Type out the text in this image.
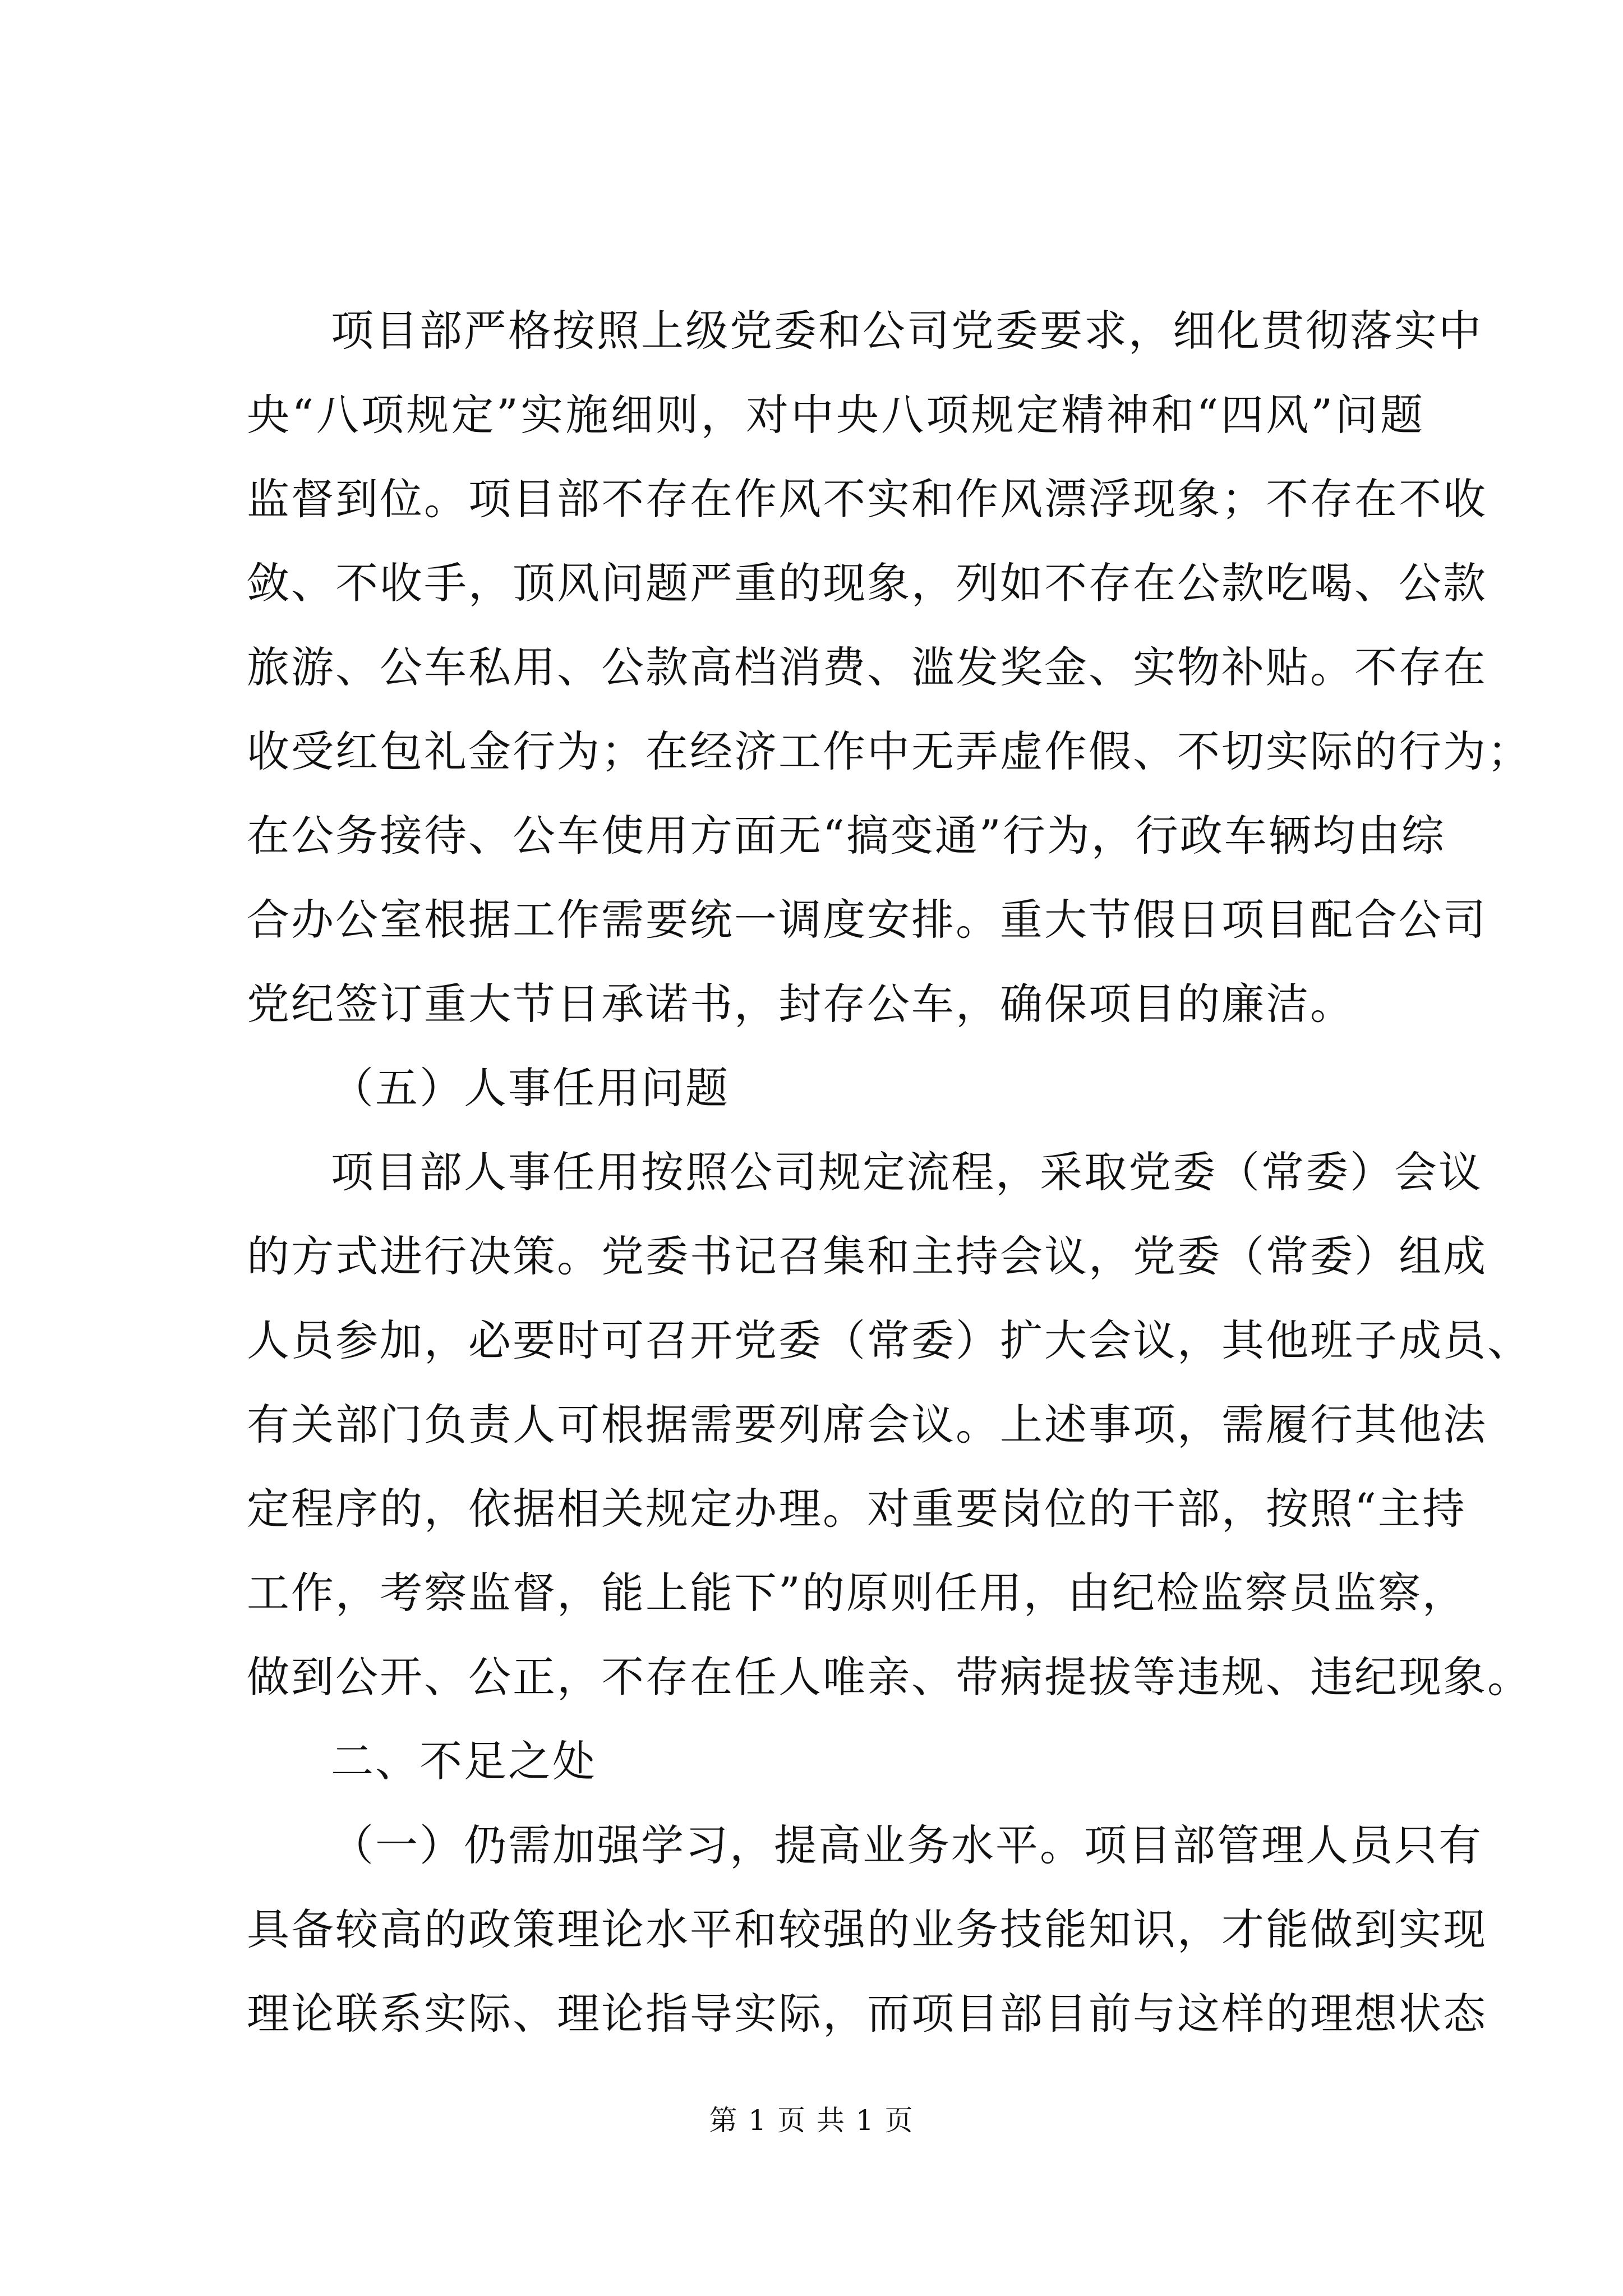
项目部严格按照上级党委和公司党委要求，细化贯彻落实中
央“八项规定”实施细则，对中央八项规定精神和“四风”问题
监督到位。项目部不存在作风不实和作风漂浮现象；不存在不收
敛、不收手，顶风问题严重的现象，列如不存在公款吃喝、公款
旅游、公车私用、公款高档消费、滥发奖金、实物补贴。不存在
收受红包礼金行为；在经济工作中无弄虚作假、不切实际的行为；
在公务接待、公车使用方面无“搞变通”行为，行政车辆均由综
合办公室根据工作需要统一调度安排。重大节假日项目配合公司
党纪签订重大节日承诺书，封存公车，确保项目的廉洁。
（五）人事任用问题
项目部人事任用按照公司规定流程，采取党委（常委）会议
的方式进行决策。党委书记召集和主持会议，党委（常委）组成
人员参加，必要时可召开党委（常委）扩大会议，其他班子成员、
有关部门负责人可根据需要列席会议。上述事项，需履行其他法
定程序的，依据相关规定办理。对重要岗位的干部，按照“主持
工作，考察监督，能上能下”的原则任用，由纪检监察员监察，
做到公开、公正，不存在任人唯亲、带病提拔等违规、违纪现象。
二、不足之处
（一）仍需加强学习，提高业务水平。项目部管理人员只有
具备较高的政策理论水平和较强的业务技能知识，才能做到实现
理论联系实际、理论指导实际，而项目部目前与这样的理想状态
第 1 页 共 1 页
